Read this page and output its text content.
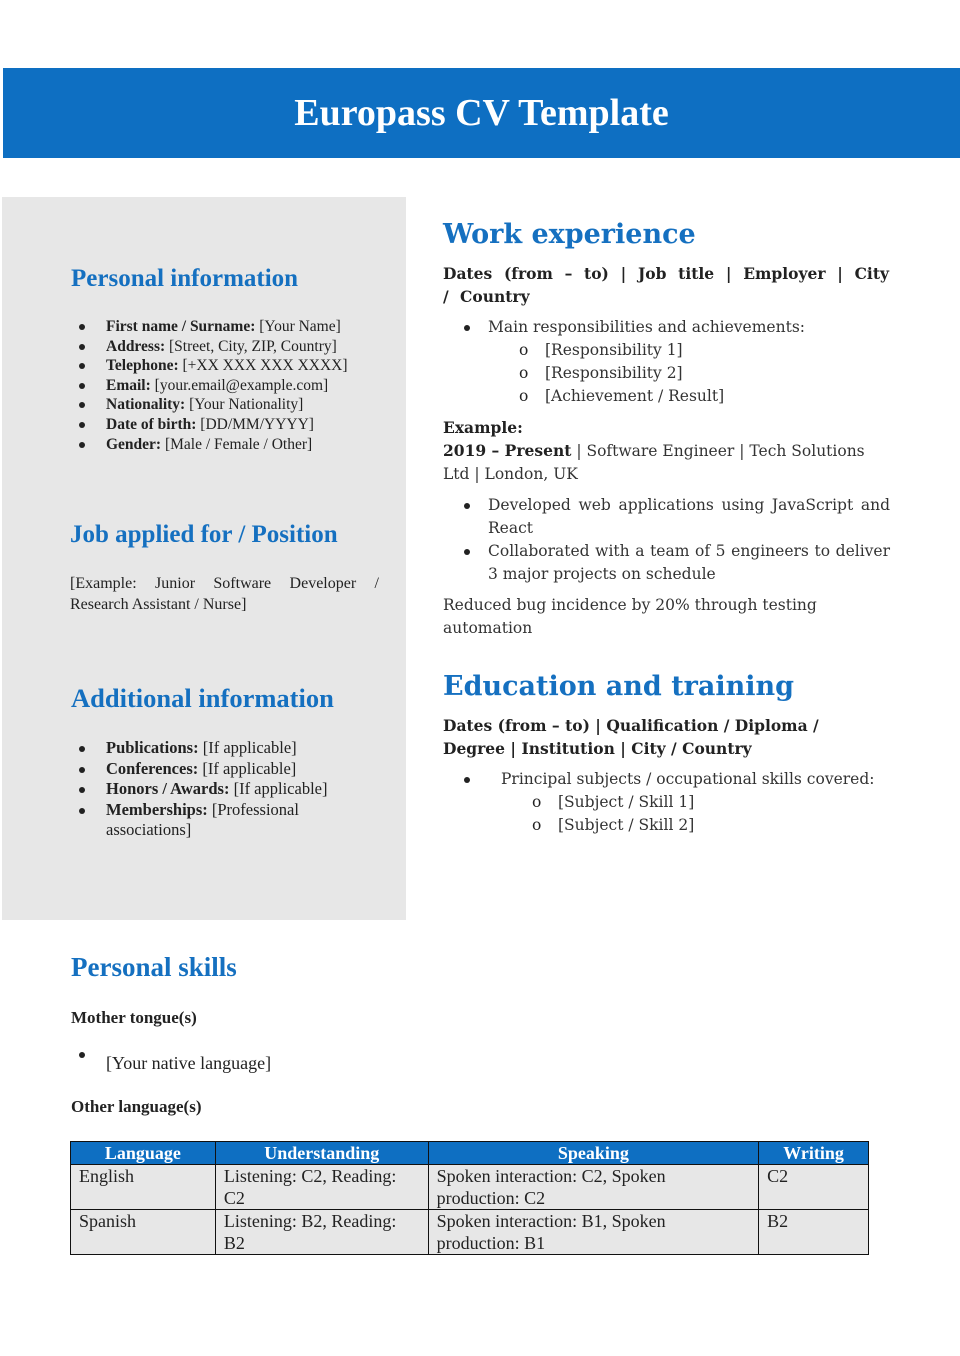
Europass CV Template
Personal information
First name / Surname: [Your Name]
Address: [Street, City, ZIP, Country]
Telephone: [+XX XXX XXX XXXX]
Email: [your.email@example.com]
Nationality: [Your Nationality]
Date of birth: [DD/MM/YYYY]
Gender: [Male / Female / Other]
Job applied for / Position
[Example: Junior Software Developer / Research Assistant / Nurse]
Additional information
Publications: [If applicable]
Conferences: [If applicable]
Honors / Awards: [If applicable]
Memberships: [Professional associations]
Work experience
Dates (from – to) | Job title | Employer | City / Country
Main responsibilities and achievements:
o [Responsibility 1]
o [Responsibility 2]
o [Achievement / Result]
Example:
2019 – Present | Software Engineer | Tech Solutions Ltd | London, UK
Developed web applications using JavaScript and React
Collaborated with a team of 5 engineers to deliver 3 major projects on schedule
Reduced bug incidence by 20% through testing automation
Education and training
Dates (from – to) | Qualification / Diploma / Degree | Institution | City / Country
Principal subjects / occupational skills covered:
o [Subject / Skill 1]
o [Subject / Skill 2]
Personal skills
Mother tongue(s)
[Your native language]
Other language(s)
Language	Understanding	Speaking	Writing
English	Listening: C2, Reading: C2	Spoken interaction: C2, Spoken production: C2	C2
Spanish	Listening: B2, Reading: B2	Spoken interaction: B1, Spoken production: B1	B2
